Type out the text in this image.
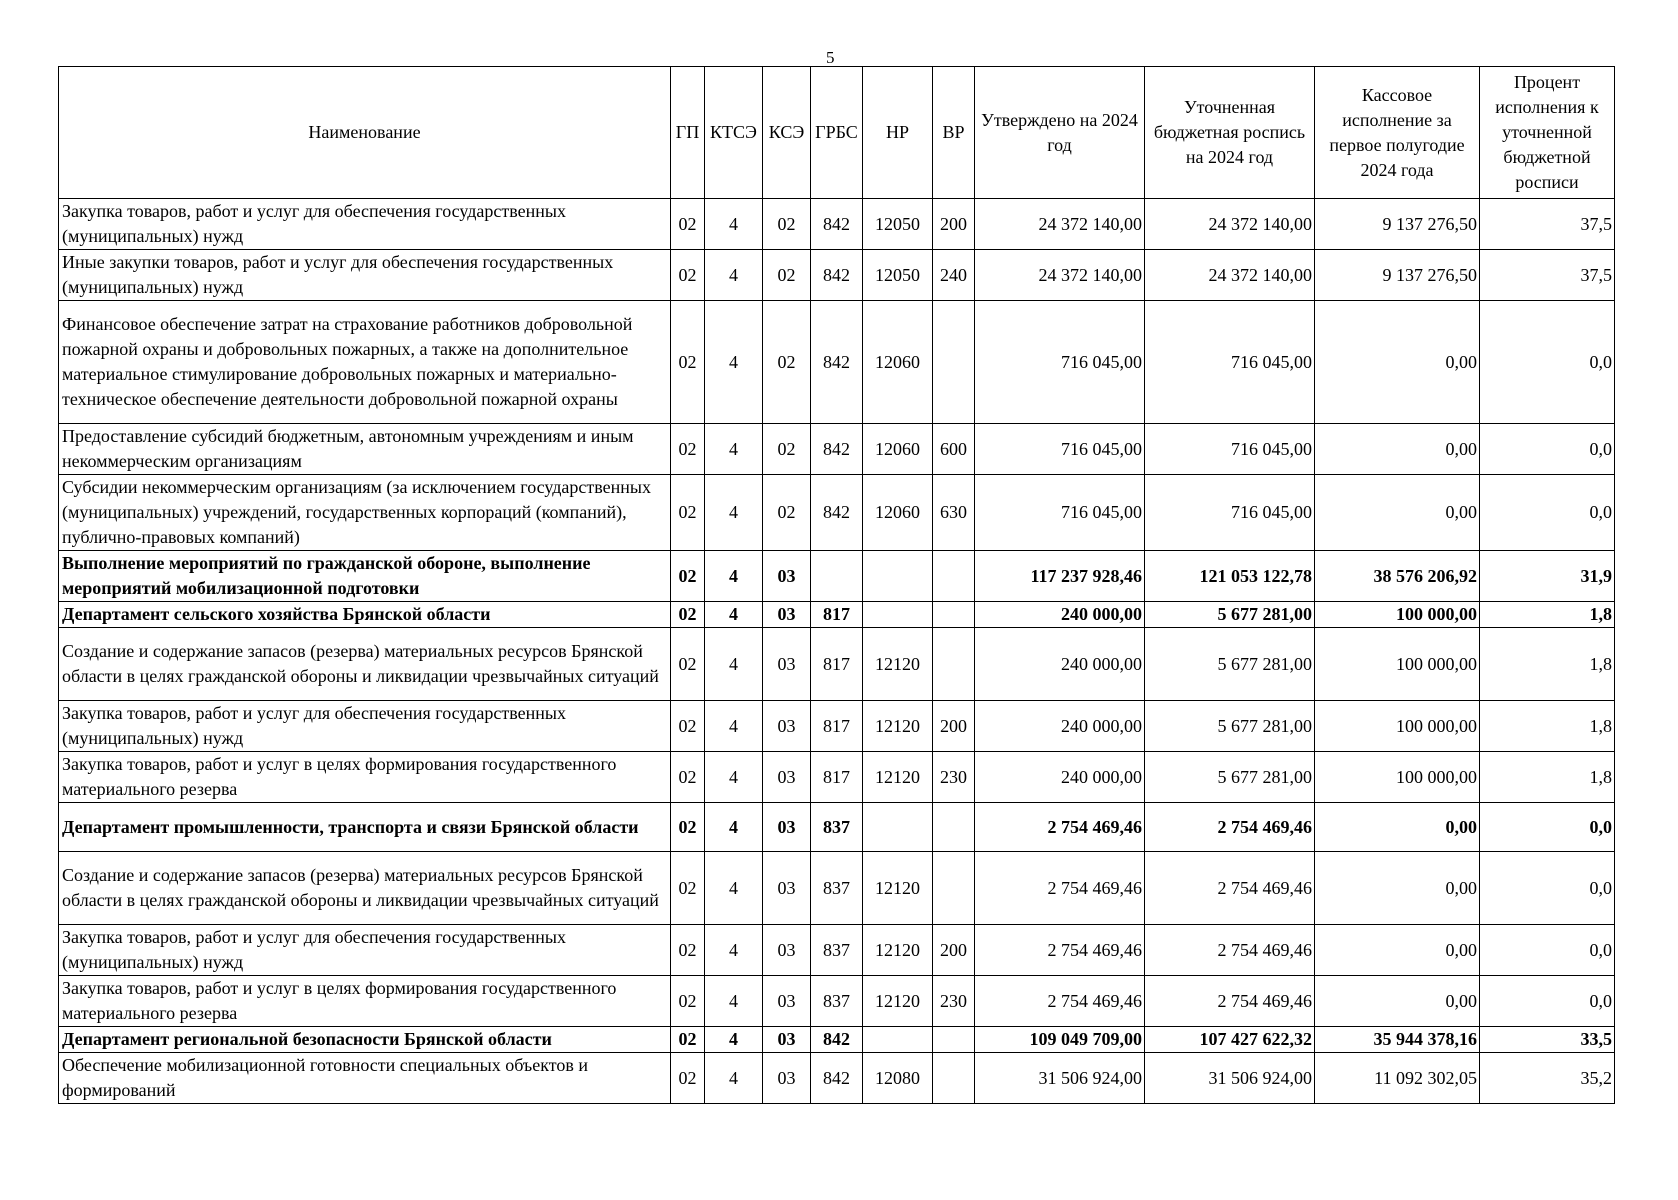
5
Наименование	ГП	КТСЭ	КСЭ	ГРБС	НР	ВР	Утверждено на 2024 год	Уточненная бюджетная роспись на 2024 год	Кассовое исполнение за первое полугодие 2024 года	Процент исполнения к уточненной бюджетной росписи
Закупка товаров, работ и услуг для обеспечения государственных (муниципальных) нужд	02	4	02	842	12050	200	24 372 140,00	24 372 140,00	9 137 276,50	37,5
Иные закупки товаров, работ и услуг для обеспечения государственных (муниципальных) нужд	02	4	02	842	12050	240	24 372 140,00	24 372 140,00	9 137 276,50	37,5
Финансовое обеспечение затрат на страхование работников добровольной пожарной охраны и добровольных пожарных, а также на дополнительное материальное стимулирование добровольных пожарных и материально-техническое обеспечение деятельности добровольной пожарной охраны	02	4	02	842	12060		716 045,00	716 045,00	0,00	0,0
Предоставление субсидий бюджетным, автономным учреждениям и иным некоммерческим организациям	02	4	02	842	12060	600	716 045,00	716 045,00	0,00	0,0
Субсидии некоммерческим организациям (за исключением государственных (муниципальных) учреждений, государственных корпораций (компаний), публично-правовых компаний)	02	4	02	842	12060	630	716 045,00	716 045,00	0,00	0,0
Выполнение мероприятий по гражданской обороне, выполнение мероприятий мобилизационной подготовки	02	4	03				117 237 928,46	121 053 122,78	38 576 206,92	31,9
Департамент сельского хозяйства Брянской области	02	4	03	817			240 000,00	5 677 281,00	100 000,00	1,8
Создание и содержание запасов (резерва) материальных ресурсов Брянской области в целях гражданской обороны и ликвидации чрезвычайных ситуаций	02	4	03	817	12120		240 000,00	5 677 281,00	100 000,00	1,8
Закупка товаров, работ и услуг для обеспечения государственных (муниципальных) нужд	02	4	03	817	12120	200	240 000,00	5 677 281,00	100 000,00	1,8
Закупка товаров, работ и услуг в целях формирования государственного материального резерва	02	4	03	817	12120	230	240 000,00	5 677 281,00	100 000,00	1,8
Департамент промышленности, транспорта и связи Брянской области	02	4	03	837			2 754 469,46	2 754 469,46	0,00	0,0
Создание и содержание запасов (резерва) материальных ресурсов Брянской области в целях гражданской обороны и ликвидации чрезвычайных ситуаций	02	4	03	837	12120		2 754 469,46	2 754 469,46	0,00	0,0
Закупка товаров, работ и услуг для обеспечения государственных (муниципальных) нужд	02	4	03	837	12120	200	2 754 469,46	2 754 469,46	0,00	0,0
Закупка товаров, работ и услуг в целях формирования государственного материального резерва	02	4	03	837	12120	230	2 754 469,46	2 754 469,46	0,00	0,0
Департамент региональной безопасности Брянской области	02	4	03	842			109 049 709,00	107 427 622,32	35 944 378,16	33,5
Обеспечение мобилизационной готовности специальных объектов и формирований	02	4	03	842	12080		31 506 924,00	31 506 924,00	11 092 302,05	35,2
